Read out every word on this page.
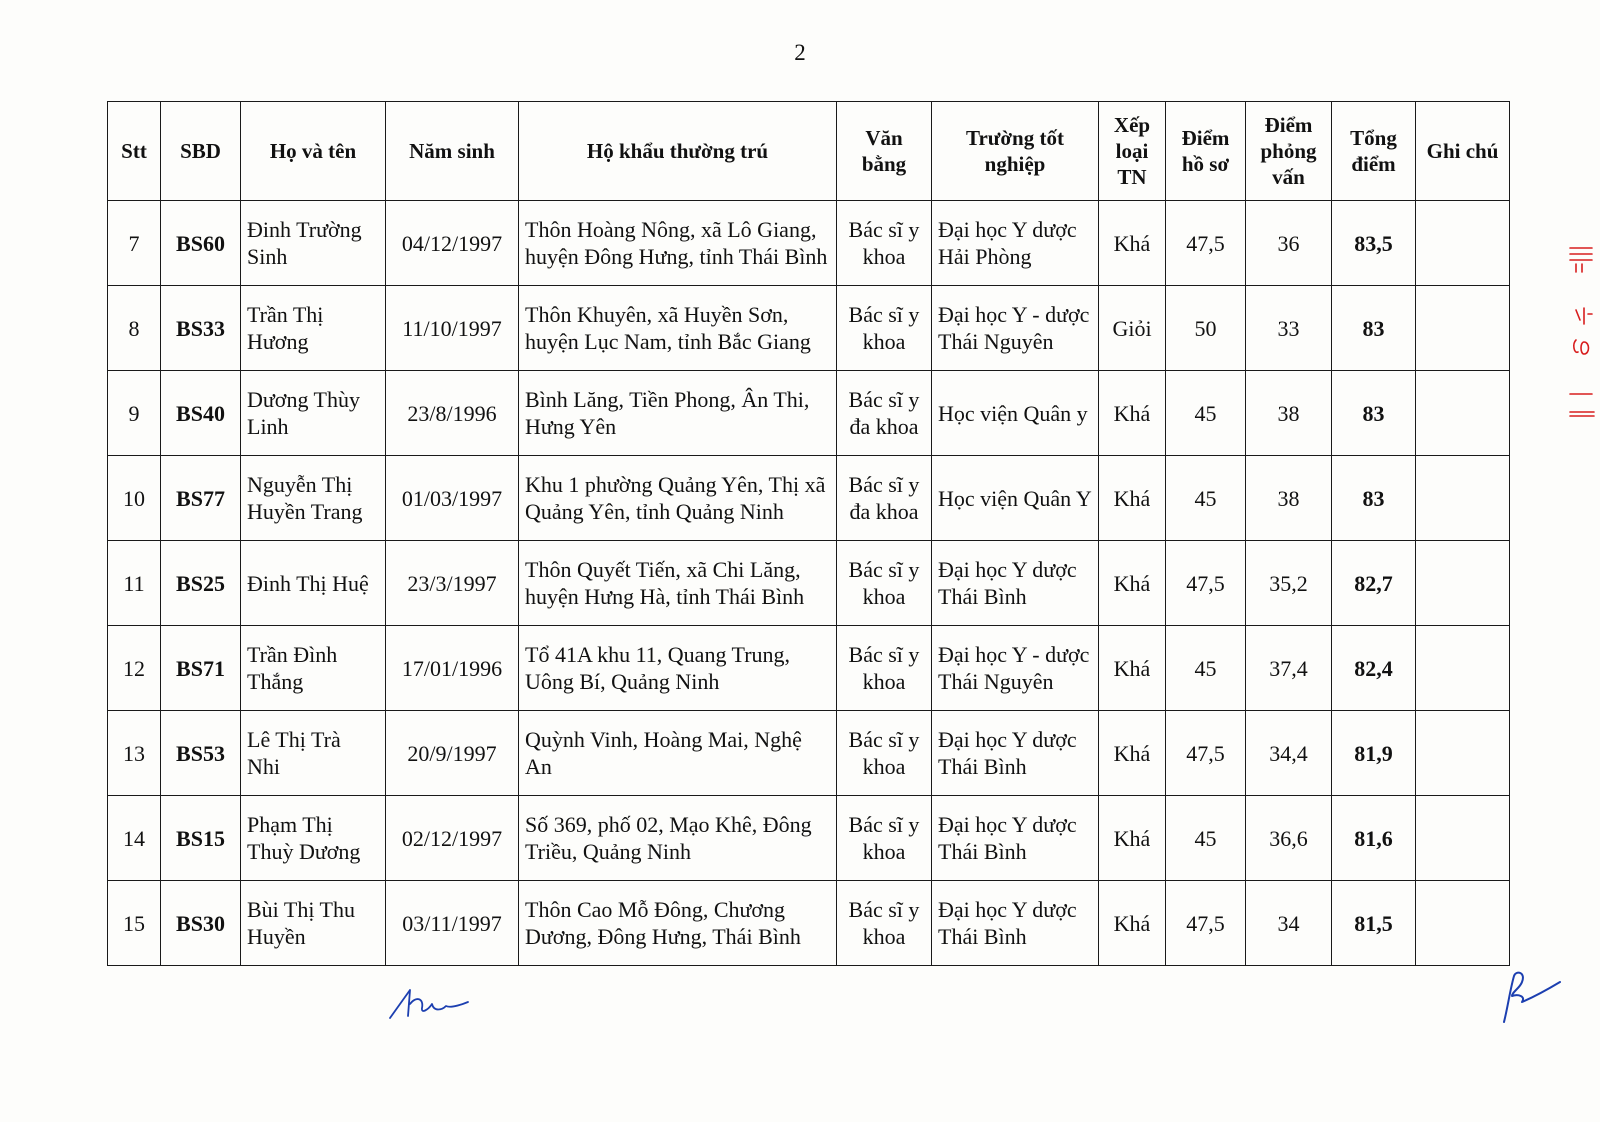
2
Stt	SBD	Họ và tên	Năm sinh	Hộ khẩu thường trú	Văn bằng	Trường tốt nghiệp	Xếp loại TN	Điểm hồ sơ	Điểm phỏng vấn	Tổng điểm	Ghi chú
7	BS60	Đinh Trường Sinh	04/12/1997	Thôn Hoàng Nông, xã Lô Giang, huyện Đông Hưng, tỉnh Thái Bình	Bác sĩ y khoa	Đại học Y dược Hải Phòng	Khá	47,5	36	83,5	
8	BS33	Trần Thị Hương	11/10/1997	Thôn Khuyên, xã Huyền Sơn, huyện Lục Nam, tỉnh Bắc Giang	Bác sĩ y khoa	Đại học Y - dược Thái Nguyên	Giỏi	50	33	83	
9	BS40	Dương Thùy Linh	23/8/1996	Bình Lăng, Tiền Phong, Ân Thi, Hưng Yên	Bác sĩ y đa khoa	Học viện Quân y	Khá	45	38	83	
10	BS77	Nguyễn Thị Huyền Trang	01/03/1997	Khu 1 phường Quảng Yên, Thị xã Quảng Yên, tỉnh Quảng Ninh	Bác sĩ y đa khoa	Học viện Quân Y	Khá	45	38	83	
11	BS25	Đinh Thị Huệ	23/3/1997	Thôn Quyết Tiến, xã Chi Lăng, huyện Hưng Hà, tỉnh Thái Bình	Bác sĩ y khoa	Đại học Y dược Thái Bình	Khá	47,5	35,2	82,7	
12	BS71	Trần Đình Thắng	17/01/1996	Tổ 41A khu 11, Quang Trung, Uông Bí, Quảng Ninh	Bác sĩ y khoa	Đại học Y - dược Thái Nguyên	Khá	45	37,4	82,4	
13	BS53	Lê Thị Trà Nhi	20/9/1997	Quỳnh Vinh, Hoàng Mai, Nghệ An	Bác sĩ y khoa	Đại học Y dược Thái Bình	Khá	47,5	34,4	81,9	
14	BS15	Phạm Thị Thuỳ Dương	02/12/1997	Số 369, phố 02, Mạo Khê, Đông Triều, Quảng Ninh	Bác sĩ y khoa	Đại học Y dược Thái Bình	Khá	45	36,6	81,6	
15	BS30	Bùi Thị Thu Huyền	03/11/1997	Thôn Cao Mỗ Đông, Chương Dương, Đông Hưng, Thái Bình	Bác sĩ y khoa	Đại học Y dược Thái Bình	Khá	47,5	34	81,5	
